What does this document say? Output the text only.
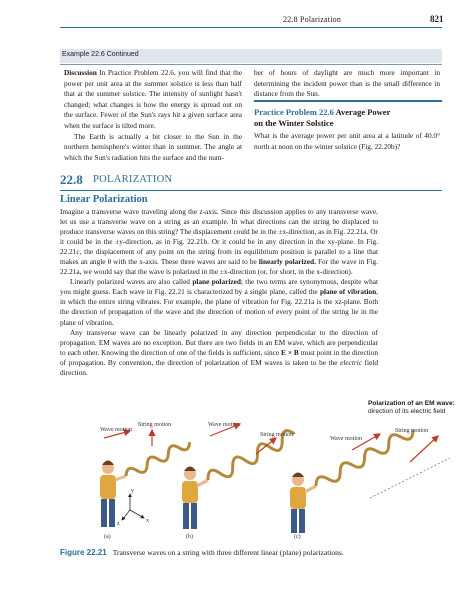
22.8 Polarization	821
Example 22.6 Continued

Discussion In Practice Problem 22.6, you will find that the power per unit area at the summer solstice is less than half that at the summer solstice. The intensity of sunlight hasn't changed; what changes is how the energy is spread out on the surface. Fewer of the Sun's rays hit a given surface area when the surface is tilted more.

The Earth is actually a bit closer to the Sun in the northern hemisphere's winter than in summer. The angle at which the Sun's radiation hits the surface and the num-

ber of hours of daylight are much more important in determining the incident power than is the small difference in distance from the Sun.

Practice Problem 22.6 Average Power
on the Winter Solstice
What is the average power per unit area at a latitude of 40.0° north at noon on the winter solstice (Fig. 22.20b)?
22.8 POLARIZATION
Linear Polarization

Imagine a transverse wave traveling along the z-axis. Since this discussion applies to any transverse wave, let us use a transverse wave on a string as an example. In what directions can the string be displaced to produce transverse waves on this string? The displacement could be in the ±x-direction, as in Fig. 22.21a. Or it could be in the ±y-direction, as in Fig. 22.21b. Or it could be in any direction in the xy-plane. In Fig. 22.21c, the displacement of any point on the string from its equilibrium position is parallel to a line that makes an angle θ with the x-axis. These three waves are said to be linearly polarized. For the wave in Fig. 22.21a, we would say that the wave is polarized in the ±x-direction (or, for short, in the x-direction).

Linearly polarized waves are also called plane polarized; the two terms are synonymous, despite what you might guess. Each wave in Fig. 22.21 is characterized by a single plane, called the plane of vibration, in which the entire string vibrates. For example, the plane of vibration for Fig. 22.21a is the xz-plane. Both the direction of propagation of the wave and the direction of motion of every point of the string lie in the plane of vibration.

Any transverse wave can be linearly polarized in any direction perpendicular to the direction of propagation. EM waves are no exception. But there are two fields in an EM wave, which are perpendicular to each other. Knowing the direction of one of the fields is sufficient, since E × B must point in the direction of propagation. By convention, the direction of polarization of EM waves is taken to be the electric field direction.

Polarization of an EM wave:
direction of its electric field
y
x
z
Wave motion
String motion	Wave motion
String motion
Wave motion
String motion
(a)	(b)	(c)
Figure 22.21 Transverse waves on a string with three different linear (plane) polarizations.
